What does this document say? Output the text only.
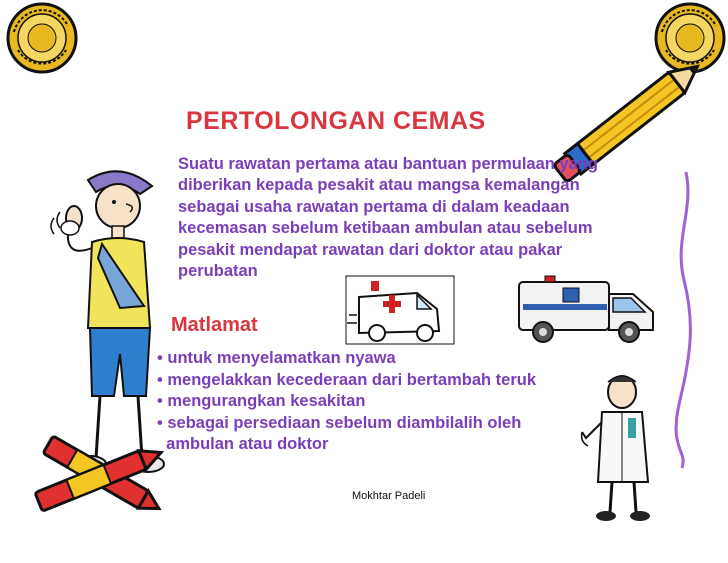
PERTOLONGAN CEMAS
Suatu rawatan pertama atau bantuan permulaan yang
diberikan kepada pesakit atau mangsa kemalangan
sebagai usaha rawatan pertama di dalam keadaan
kecemasan sebelum ketibaan ambulan atau sebelum
pesakit mendapat rawatan dari doktor atau pakar
perubatan
Matlamat
• untuk menyelamatkan nyawa
• mengelakkan kecederaan dari bertambah teruk
• mengurangkan kesakitan
• sebagai persediaan sebelum diambilalih oleh
ambulan atau doktor
Mokhtar Padeli
